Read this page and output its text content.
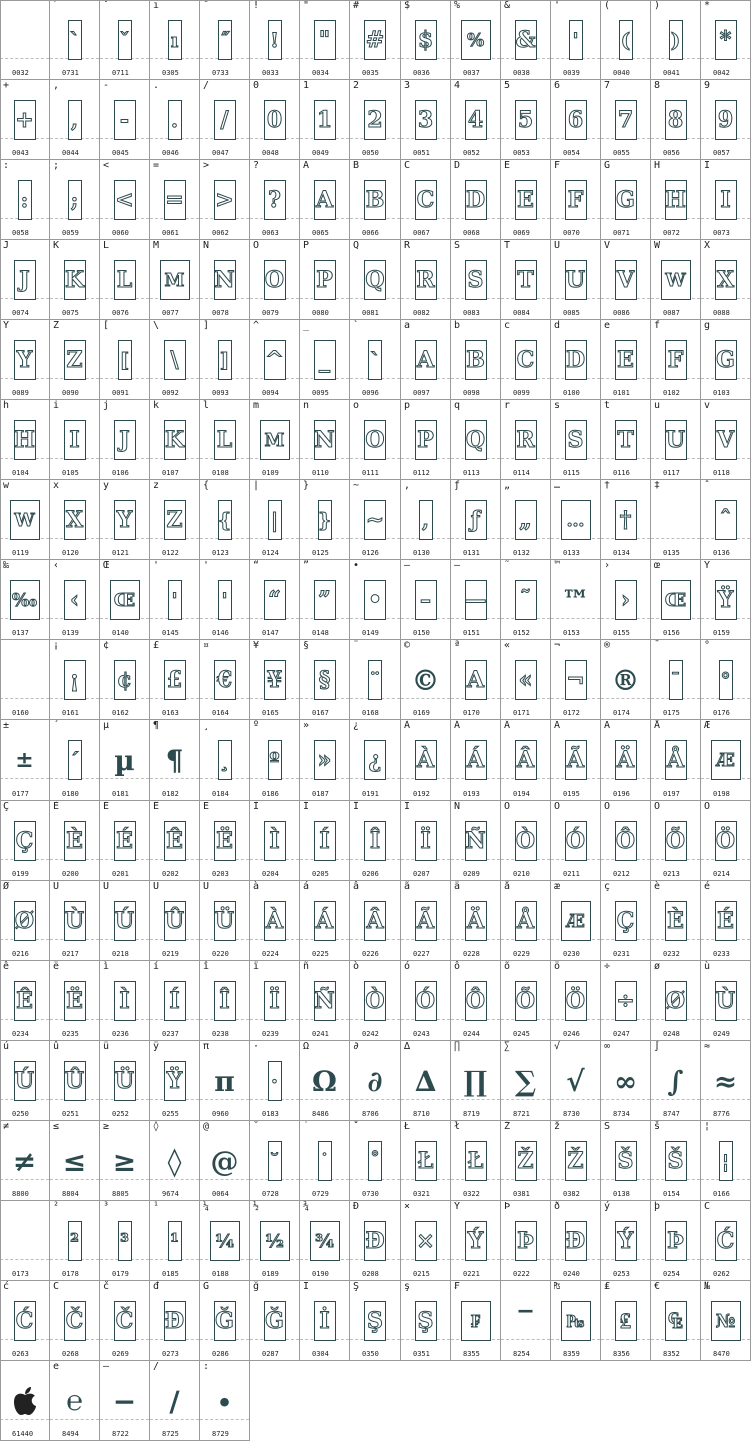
0032
ˋ
ˋ
0731
ˇ
ˇ
0711
ı
ı
0305
˝
˝
0733
!
!
0033
"
"
0034
#
#
0035
$
$
0036
%
%
0037
&
&
0038
'
'
0039
(
(
0040
)
)
0041
*
*
0042
+
+
0043
,
,
0044
-
-
0045
.
.
0046
/
/
0047
0
0
0048
1
1
0049
2
2
0050
3
3
0051
4
4
0052
5
5
0053
6
6
0054
7
7
0055
8
8
0056
9
9
0057
:
:
0058
;
;
0059
<
<
0060
=
=
0061
>
>
0062
?
?
0063
A
A
0065
B
B
0066
C
C
0067
D
D
0068
E
E
0069
F
F
0070
G
G
0071
H
H
0072
I
I
0073
J
J
0074
K
K
0075
L
L
0076
M
M
0077
N
N
0078
O
O
0079
P
P
0080
Q
Q
0081
R
R
0082
S
S
0083
T
T
0084
U
U
0085
V
V
0086
W
W
0087
X
X
0088
Y
Y
0089
Z
Z
0090
[
[
0091
\
\
0092
]
]
0093
^
^
0094
_
_
0095
`
`
0096
a
A
0097
b
B
0098
c
C
0099
d
D
0100
e
E
0101
f
F
0102
g
G
0103
h
H
0104
i
I
0105
j
J
0106
k
K
0107
l
L
0108
m
M
0109
n
N
0110
o
O
0111
p
P
0112
q
Q
0113
r
R
0114
s
S
0115
t
T
0116
u
U
0117
v
V
0118
w
W
0119
x
X
0120
y
Y
0121
z
Z
0122
{
{
0123
|
|
0124
}
}
0125
~
~
0126
,
,
0130
ƒ
ƒ
0131
„
„
0132
…
…
0133
†
†
0134
‡
0135
ˆ
ˆ
0136
‰
‰
0137
‹
‹
0139
Œ
Œ
0140
'
'
0145
'
'
0146
“
“
0147
”
”
0148
•
•
0149
–
–
0150
—
—
0151
˜
˜
0152
™
™
0153
›
›
0155
œ
Œ
0156
Ÿ
Ÿ
0159
0160
¡
¡
0161
¢
¢
0162
£
£
0163
¤
€
0164
¥
¥
0165
§
§
0167
¨
¨
0168
©
©
0169
ª
A
0170
«
«
0171
¬
¬
0172
®
®
0174
¯
¯
0175
°
°
0176
±
±
0177
´
´
0180
µ
µ
0181
¶
¶
0182
¸
¸
0184
º
º
0186
»
»
0187
¿
¿
0191
À
À
0192
Á
Á
0193
Â
Â
0194
Ã
Ã
0195
Ä
Ä
0196
Å
Å
0197
Æ
Æ
0198
Ç
Ç
0199
È
È
0200
É
É
0201
Ê
Ê
0202
Ë
Ë
0203
Ì
Ì
0204
Í
Í
0205
Î
Î
0206
Ï
Ï
0207
Ñ
Ñ
0209
Ò
Ò
0210
Ó
Ó
0211
Ô
Ô
0212
Õ
Õ
0213
Ö
Ö
0214
Ø
Ø
0216
Ù
Ù
0217
Ú
Ú
0218
Û
Û
0219
Ü
Ü
0220
à
À
0224
á
Á
0225
â
Â
0226
ã
Ã
0227
ä
Ä
0228
å
Å
0229
æ
Æ
0230
ç
Ç
0231
è
È
0232
é
É
0233
ê
Ê
0234
ë
Ë
0235
ì
Ì
0236
í
Í
0237
î
Î
0238
ï
Ï
0239
ñ
Ñ
0241
ò
Ò
0242
ó
Ó
0243
ô
Ô
0244
õ
Õ
0245
ö
Ö
0246
÷
÷
0247
ø
Ø
0248
ù
Ù
0249
ú
Ú
0250
û
Û
0251
ü
Ü
0252
ÿ
Ÿ
0255
π
π
0960
·
·
0183
Ω
Ω
8486
∂
∂
8706
∆
∆
8710
∏
∏
8719
∑
∑
8721
√
√
8730
∞
∞
8734
∫
∫
8747
≈
≈
8776
≠
≠
8800
≤
≤
8804
≥
≥
8805
◊
◊
9674
@
@
0064
˘
˘
0728
˙
˙
0729
˚
˚
0730
Ł
Ł
0321
ł
Ł
0322
Ž
Ž
0381
ž
Ž
0382
Š
Š
0138
š
Š
0154
¦
¦
0166
0173
²
²
0178
³
³
0179
¹
¹
0185
¼
¼
0188
½
½
0189
¾
¾
0190
Đ
Đ
0208
×
×
0215
Ý
Ý
0221
Þ
Þ
0222
ð
Ð
0240
ý
Ý
0253
þ
Þ
0254
Ć
Ć
0262
ć
Ć
0263
Č
Č
0268
č
Č
0269
đ
Đ
0273
Ğ
Ğ
0286
ğ
Ğ
0287
İ
İ
0304
Ş
Ş
0350
ş
Ş
0351
₣
₣
8355
‾
8254
₧
₧
8359
₤
₤
8356
€
₠
8352
№
№
8470
61440
e
℮
8494
–
−
8722
/
∕
8725
:
∙
8729
